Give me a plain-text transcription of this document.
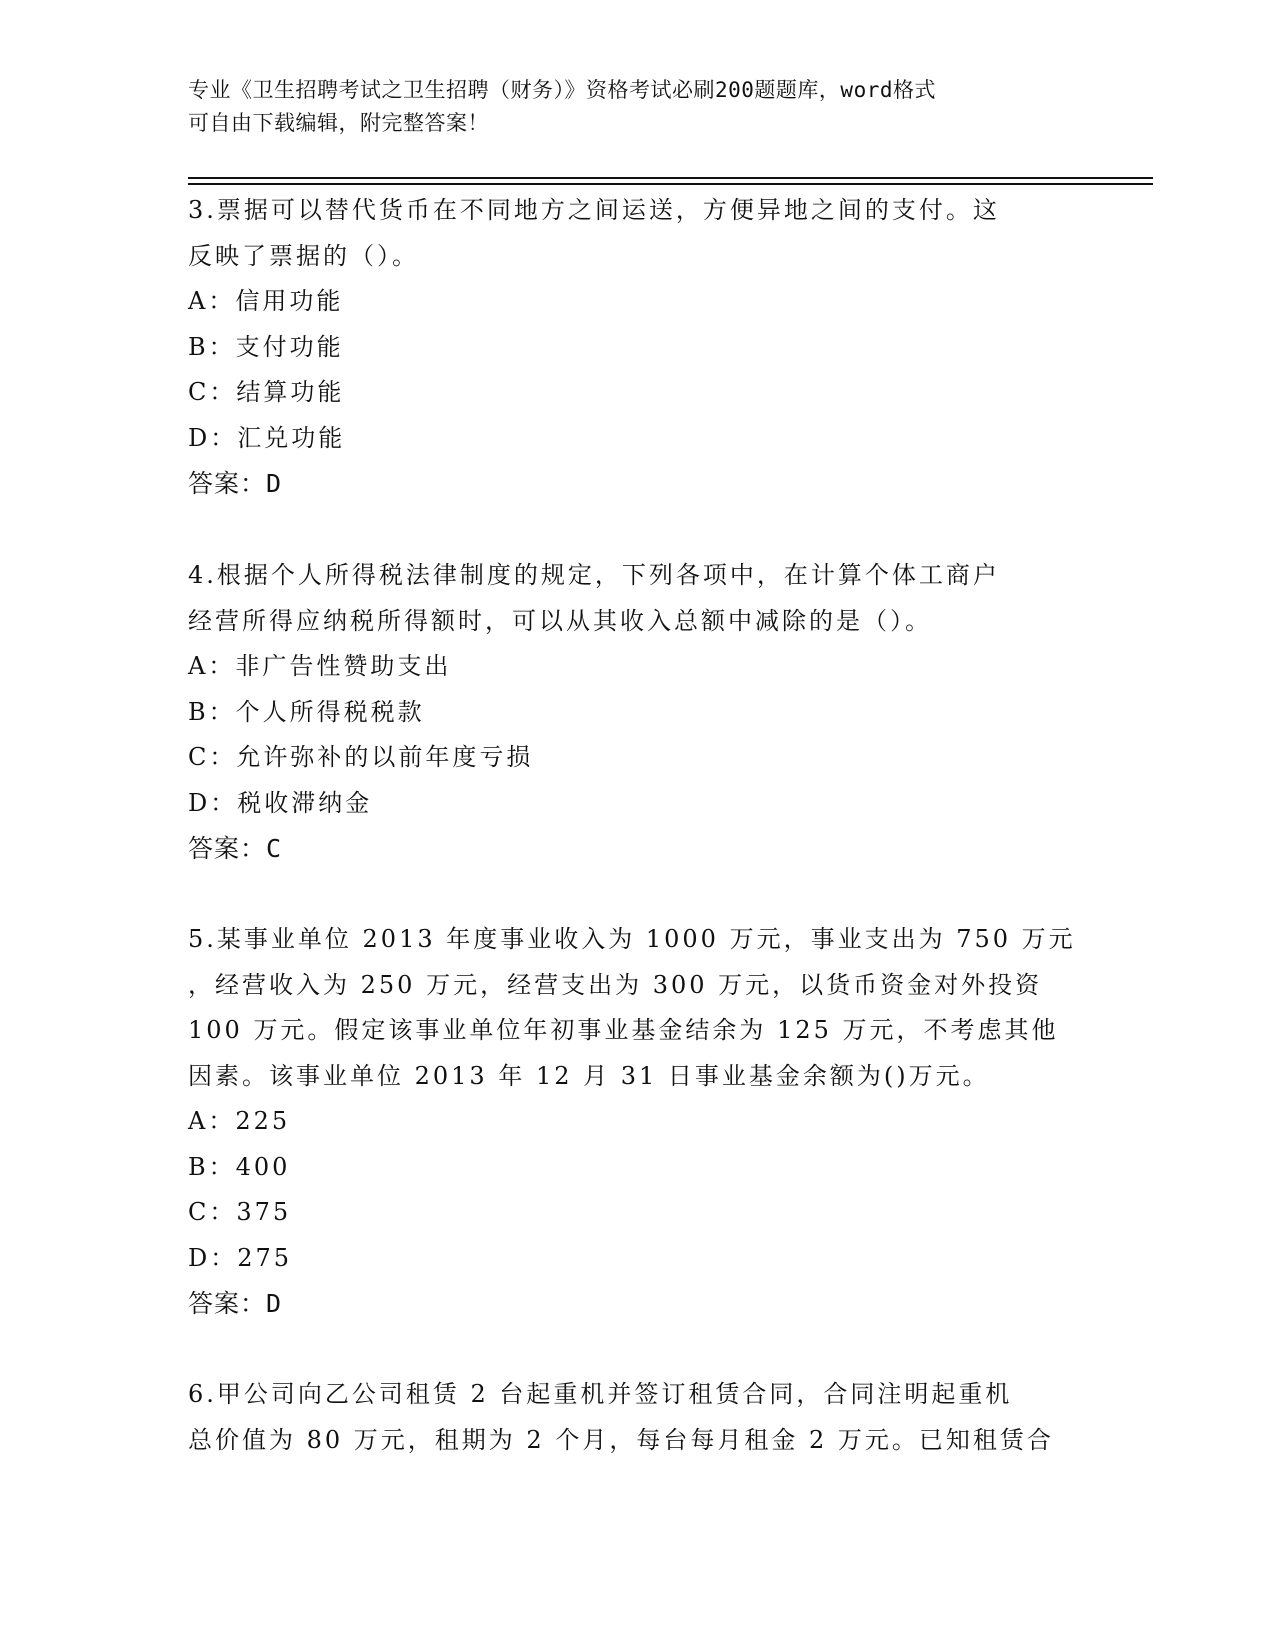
专业《卫生招聘考试之卫生招聘（财务）》资格考试必刷200题题库，word格式
可自由下载编辑，附完整答案！
3.票据可以替代货币在不同地方之间运送，方便异地之间的支付。这
反映了票据的（）。
A：信用功能
B：支付功能
C：结算功能
D：汇兑功能
答案：D
4.根据个人所得税法律制度的规定，下列各项中，在计算个体工商户
经营所得应纳税所得额时，可以从其收入总额中减除的是（）。
A：非广告性赞助支出
B：个人所得税税款
C：允许弥补的以前年度亏损
D：税收滞纳金
答案：C
5.某事业单位 2013 年度事业收入为 1000 万元，事业支出为 750 万元
，经营收入为 250 万元，经营支出为 300 万元，以货币资金对外投资
100 万元。假定该事业单位年初事业基金结余为 125 万元，不考虑其他
因素。该事业单位 2013 年 12 月 31 日事业基金余额为()万元。
A：225
B：400
C：375
D：275
答案：D
6.甲公司向乙公司租赁 2 台起重机并签订租赁合同，合同注明起重机
总价值为 80 万元，租期为 2 个月，每台每月租金 2 万元。已知租赁合
